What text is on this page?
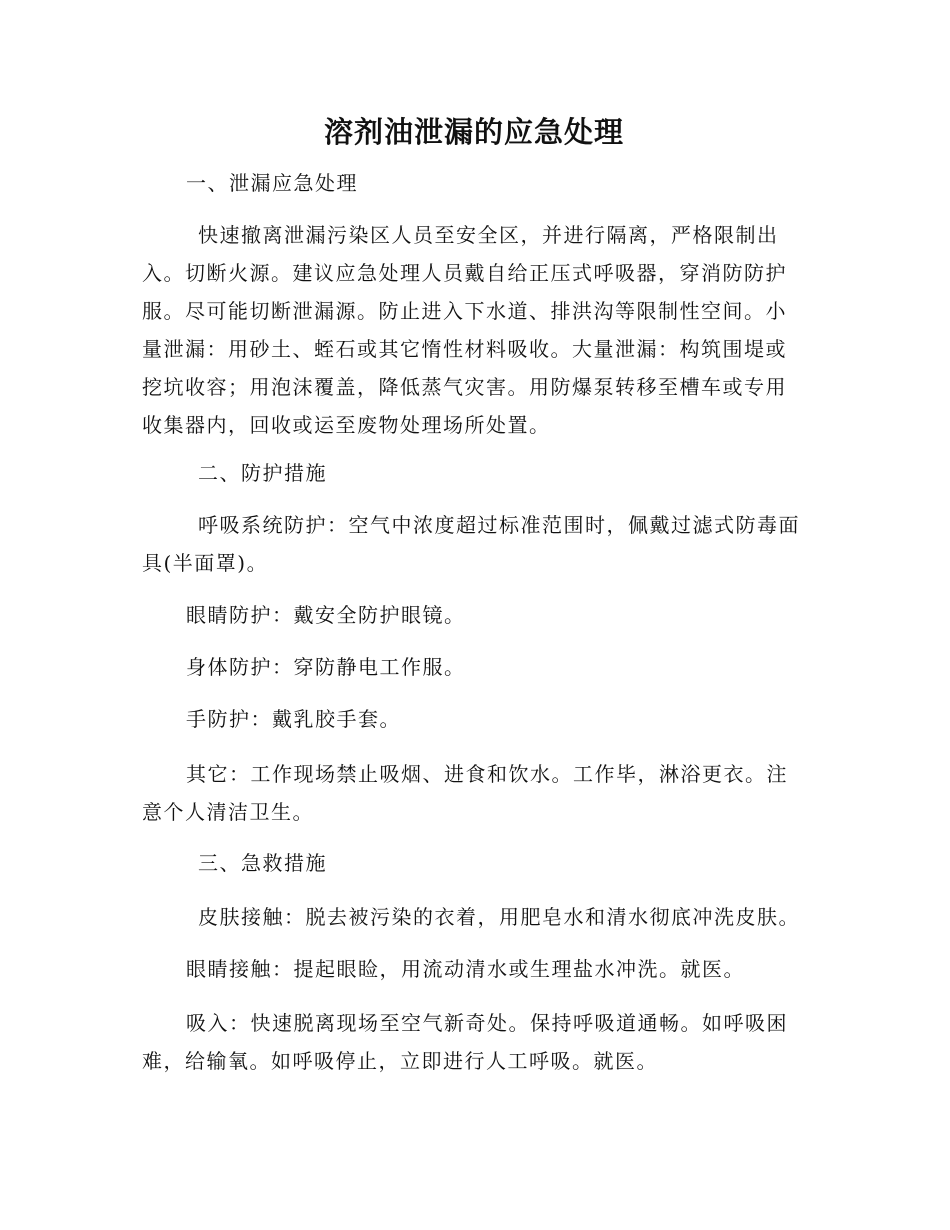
溶剂油泄漏的应急处理

一、泄漏应急处理

快速撤离泄漏污染区人员至安全区，并进行隔离，严格限制出入。切断火源。建议应急处理人员戴自给正压式呼吸器，穿消防防护服。尽可能切断泄漏源。防止进入下水道、排洪沟等限制性空间。小量泄漏：用砂土、蛭石或其它惰性材料吸收。大量泄漏：构筑围堤或挖坑收容；用泡沫覆盖，降低蒸气灾害。用防爆泵转移至槽车或专用收集器内，回收或运至废物处理场所处置。

二、防护措施

呼吸系统防护：空气中浓度超过标准范围时，佩戴过滤式防毒面具(半面罩)。

眼睛防护：戴安全防护眼镜。

身体防护：穿防静电工作服。

手防护：戴乳胶手套。

其它：工作现场禁止吸烟、进食和饮水。工作毕，淋浴更衣。注意个人清洁卫生。

三、急救措施

皮肤接触：脱去被污染的衣着，用肥皂水和清水彻底冲洗皮肤。

眼睛接触：提起眼睑，用流动清水或生理盐水冲洗。就医。

吸入：快速脱离现场至空气新奇处。保持呼吸道通畅。如呼吸困难，给输氧。如呼吸停止，立即进行人工呼吸。就医。
